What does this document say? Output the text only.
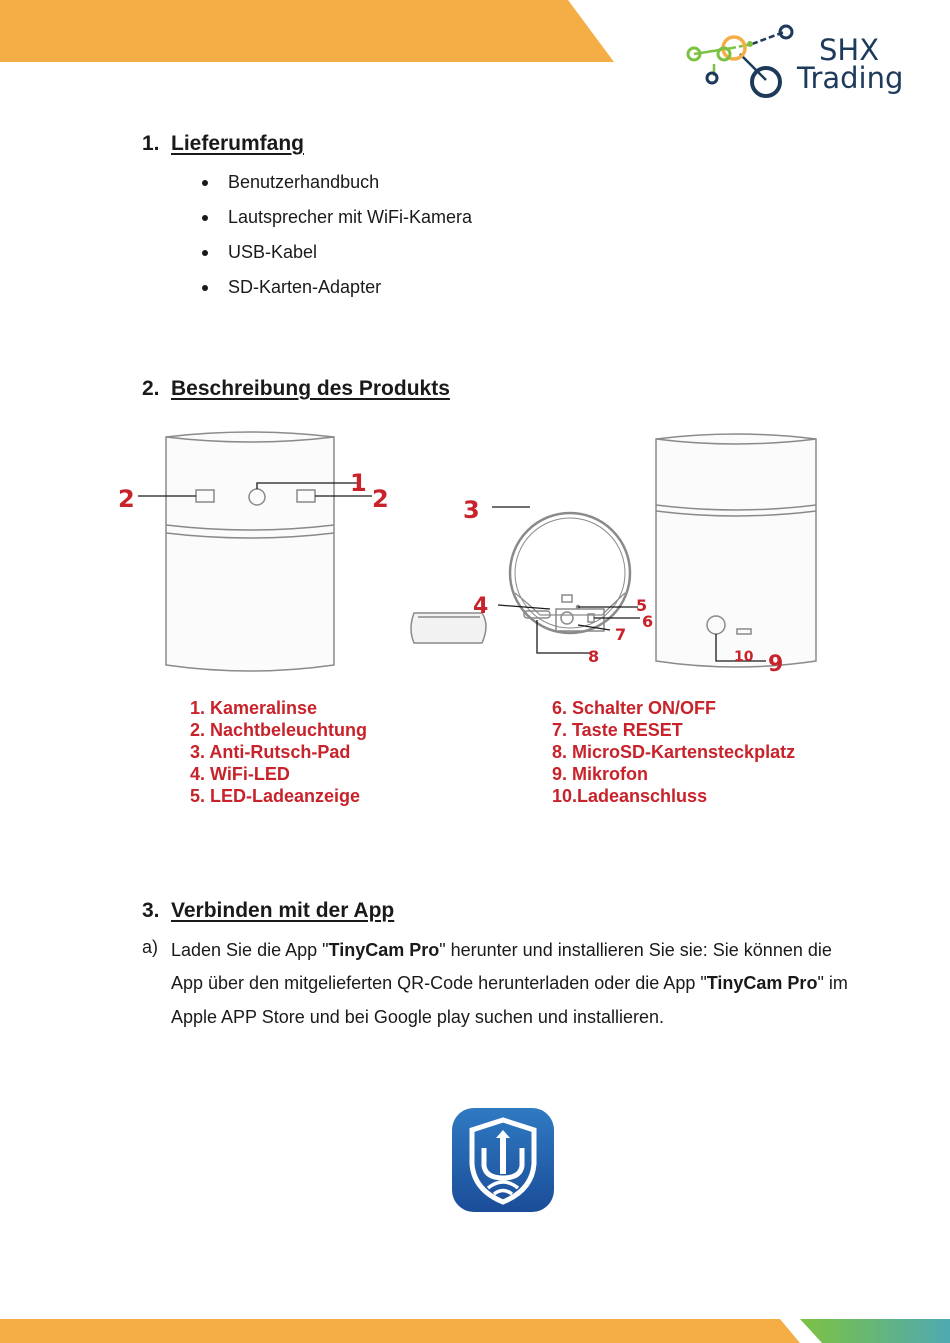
SHX
Trading
1. Lieferumfang
Benutzerhandbuch
Lautsprecher mit WiFi-Kamera
USB-Kabel
SD-Karten-Adapter
2. Beschreibung des Produkts
2
1
2	3
4	5
6
7
8	10 9
1. Kameralinse
2. Nachtbeleuchtung
3. Anti-Rutsch-Pad
4. WiFi-LED
5. LED-Ladeanzeige
6. Schalter ON/OFF
7. Taste RESET
8. MicroSD-Kartensteckplatz
9. Mikrofon
10.Ladeanschluss
3. Verbinden mit der App
a) Laden Sie die App "TinyCam Pro" herunter und installieren Sie sie: Sie können die App über den mitgelieferten QR-Code herunterladen oder die App "TinyCam Pro" im Apple APP Store und bei Google play suchen und installieren.
